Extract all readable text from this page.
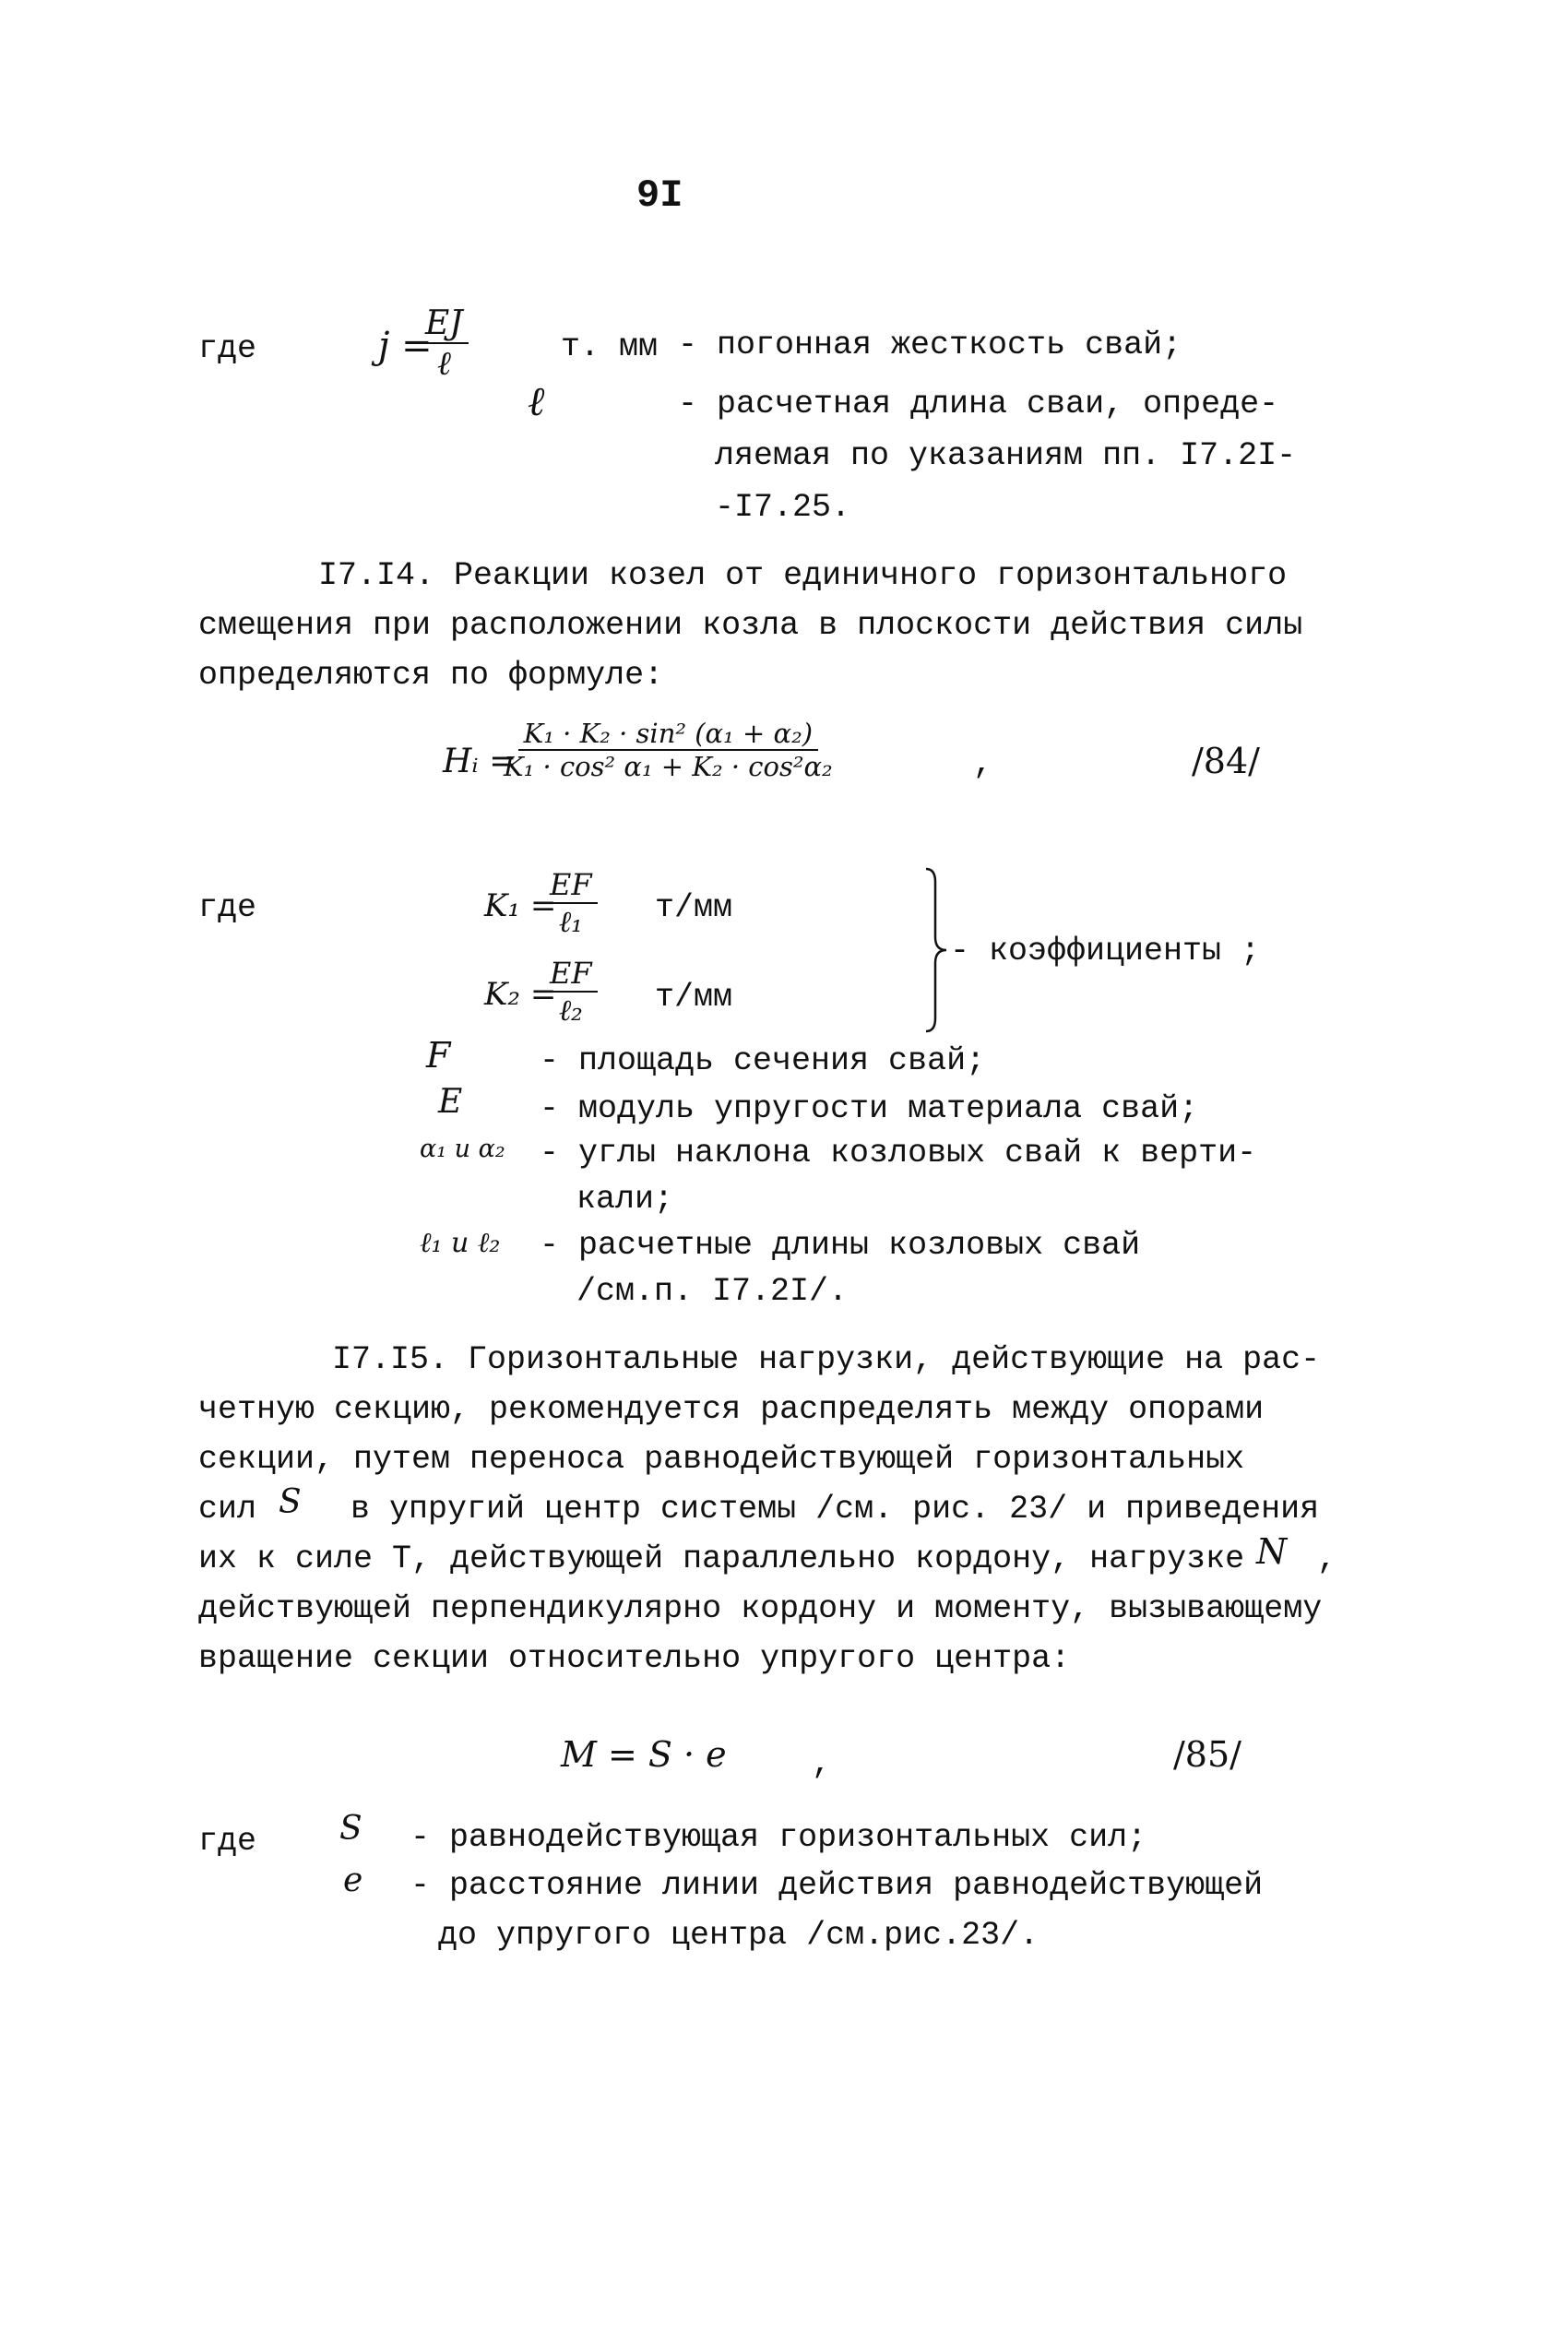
9I
где	j =
EJ
ℓ	т. мм - погонная жесткость свай;
ℓ	- расчетная длина сваи, опреде-
ляемая по указаниям пп. I7.2I-
-I7.25.
I7.I4. Реакции козел от единичного горизонтального
смещения при расположении козла в плоскости действия силы
определяются по формуле:
Hᵢ =
$\frac{\text{K₁ · K₂ · sin² (α₁ + α₂)}}{\text{K₁ · cos² α₁ + K₂ · cos²α₂}}$	,	/84/
где	K₁ =
EF
ℓ₁ т/мм
K₂ =
EF
ℓ₂ т/мм
- коэффициенты ;
F	- площадь сечения свай;
E - модуль упругости материала свай;
α₁ и α₂ - углы наклона козловых свай к верти-
кали;
ℓ₁ и ℓ₂ - расчетные длины козловых свай
/см.п. I7.2I/.
I7.I5. Горизонтальные нагрузки, действующие на рас-
четную секцию, рекомендуется распределять между опорами
секции, путем переноса равнодействующей горизонтальных
сил S в упругий центр системы /см. рис. 23/ и приведения
их к силе Т, действующей параллельно кордону, нагрузке N ,
действующей перпендикулярно кордону и моменту, вызывающему
вращение секции относительно упругого центра:
M = S · e	,	/85/
где S - равнодействующая горизонтальных сил;
e - расстояние линии действия равнодействующей
до упругого центра /см.рис.23/.
